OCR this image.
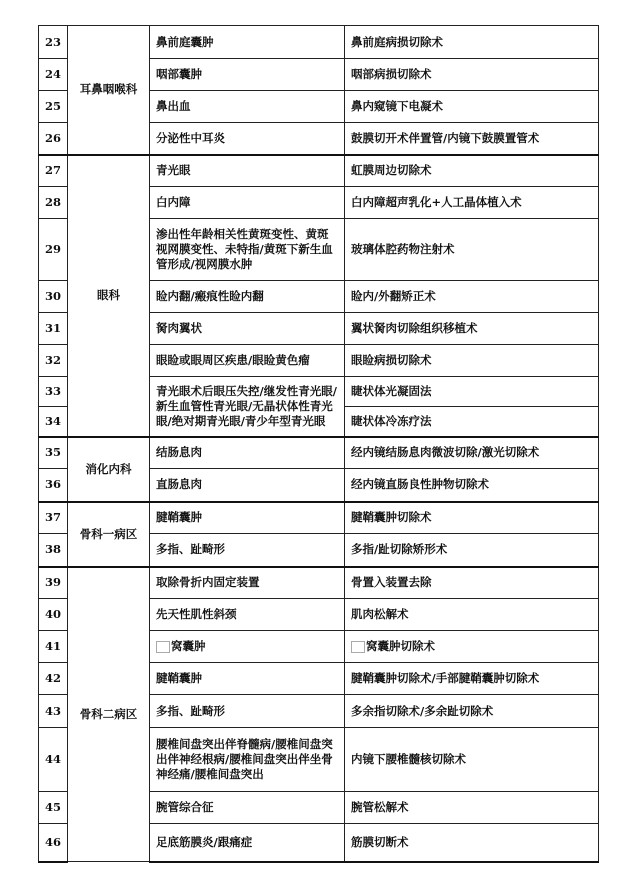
23	耳鼻咽喉科	鼻前庭囊肿	鼻前庭病损切除术
24		咽部囊肿	咽部病损切除术
25		鼻出血	鼻内窥镜下电凝术
26		分泌性中耳炎	鼓膜切开术伴置管/内镜下鼓膜置管术
27	眼科	青光眼	虹膜周边切除术
28		白内障	白内障超声乳化+人工晶体植入术
29		渗出性年龄相关性黄斑变性、黄斑视网膜变性、未特指/黄斑下新生血管形成/视网膜水肿	玻璃体腔药物注射术
30		睑内翻/瘢痕性睑内翻	睑内/外翻矫正术
31		胬肉翼状	翼状胬肉切除组织移植术
32		眼睑或眼周区疾患/眼睑黄色瘤	眼睑病损切除术
33		青光眼术后眼压失控/继发性青光眼/新生血管性青光眼/无晶状体性青光眼/绝对期青光眼/青少年型青光眼	睫状体光凝固法
34			睫状体冷冻疗法
35	消化内科	结肠息肉	经内镜结肠息肉微波切除/激光切除术
36		直肠息肉	经内镜直肠良性肿物切除术
37	骨科一病区	腱鞘囊肿	腱鞘囊肿切除术
38		多指、趾畸形	多指/趾切除矫形术
39	骨科二病区	取除骨折内固定装置	骨置入装置去除
40		先天性肌性斜颈	肌肉松解术
41		窝囊肿	窝囊肿切除术
42		腱鞘囊肿	腱鞘囊肿切除术/手部腱鞘囊肿切除术
43		多指、趾畸形	多余指切除术/多余趾切除术
44		腰椎间盘突出伴脊髓病/腰椎间盘突出伴神经根病/腰椎间盘突出伴坐骨神经痛/腰椎间盘突出	内镜下腰椎髓核切除术
45		腕管综合征	腕管松解术
46		足底筋膜炎/跟痛症	筋膜切断术
